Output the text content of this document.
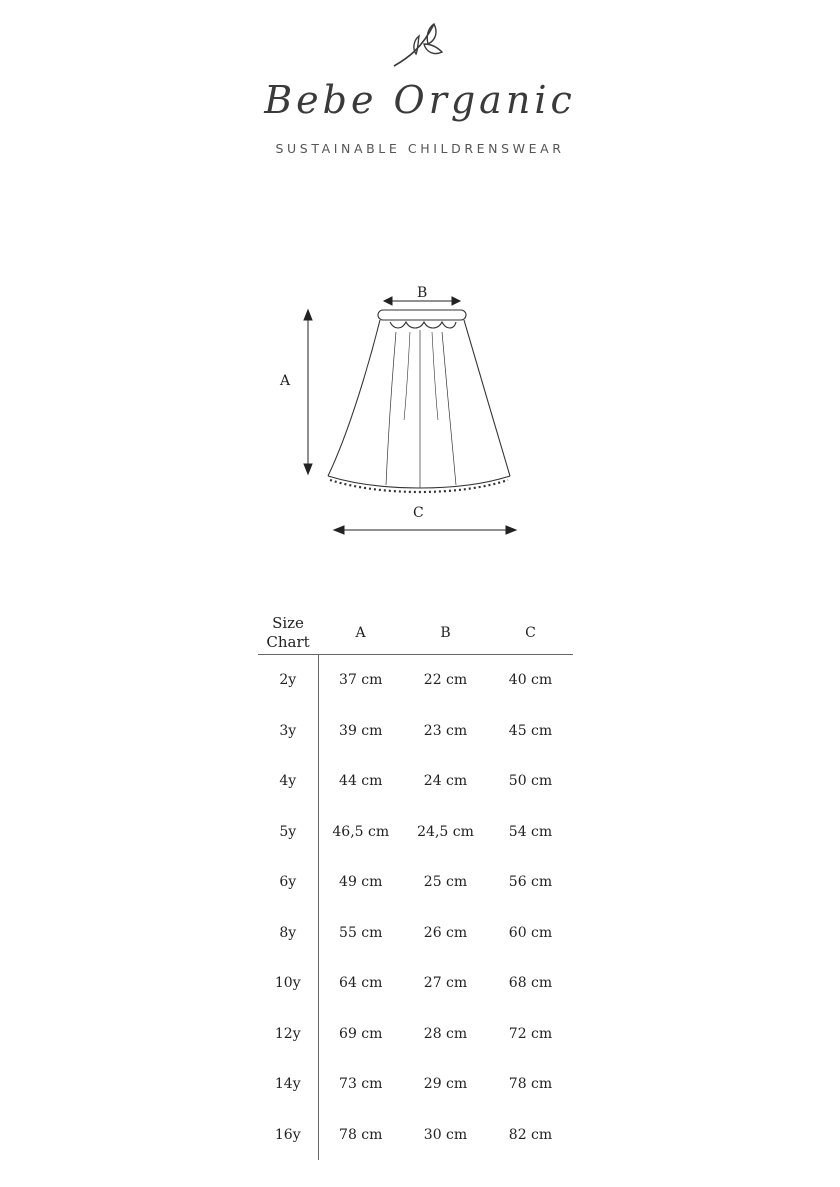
Bebe Organic
SUSTAINABLE CHILDRENSWEAR
A
B
C
Size
Chart	A	B	C
2y	37 cm	22 cm	40 cm
3y	39 cm	23 cm	45 cm
4y	44 cm	24 cm	50 cm
5y	46,5 cm	24,5 cm	54 cm
6y	49 cm	25 cm	56 cm
8y	55 cm	26 cm	60 cm
10y	64 cm	27 cm	68 cm
12y	69 cm	28 cm	72 cm
14y	73 cm	29 cm	78 cm
16y	78 cm	30 cm	82 cm
